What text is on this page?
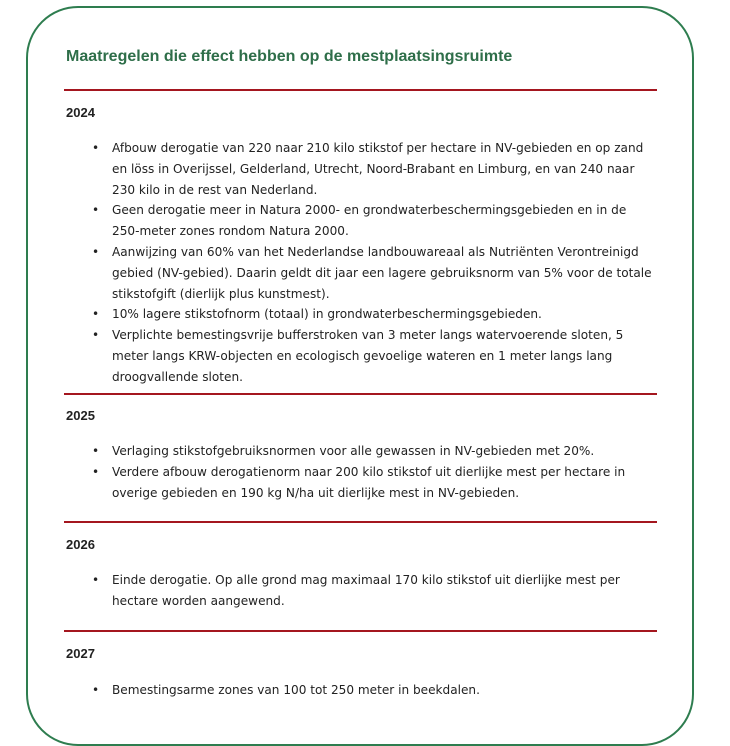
Maatregelen die effect hebben op de mestplaatsingsruimte
2024
• Afbouw derogatie van 220 naar 210 kilo stikstof per hectare in NV-gebieden en op zand en löss in Overijssel, Gelderland, Utrecht, Noord-Brabant en Limburg, en van 240 naar 230 kilo in de rest van Nederland.
• Geen derogatie meer in Natura 2000- en grondwaterbeschermingsgebieden en in de 250-meter zones rondom Natura 2000.
• Aanwijzing van 60% van het Nederlandse landbouwareaal als Nutriënten Verontreinigd gebied (NV-gebied). Daarin geldt dit jaar een lagere gebruiksnorm van 5% voor de totale stikstofgift (dierlijk plus kunstmest).
• 10% lagere stikstofnorm (totaal) in grondwaterbeschermingsgebieden.
• Verplichte bemestingsvrije bufferstroken van 3 meter langs watervoerende sloten, 5 meter langs KRW-objecten en ecologisch gevoelige wateren en 1 meter langs lang droogvallende sloten.
2025
• Verlaging stikstofgebruiksnormen voor alle gewassen in NV-gebieden met 20%.
• Verdere afbouw derogatienorm naar 200 kilo stikstof uit dierlijke mest per hectare in overige gebieden en 190 kg N/ha uit dierlijke mest in NV-gebieden.
2026
• Einde derogatie. Op alle grond mag maximaal 170 kilo stikstof uit dierlijke mest per hectare worden aangewend.
2027
• Bemestingsarme zones van 100 tot 250 meter in beekdalen.
